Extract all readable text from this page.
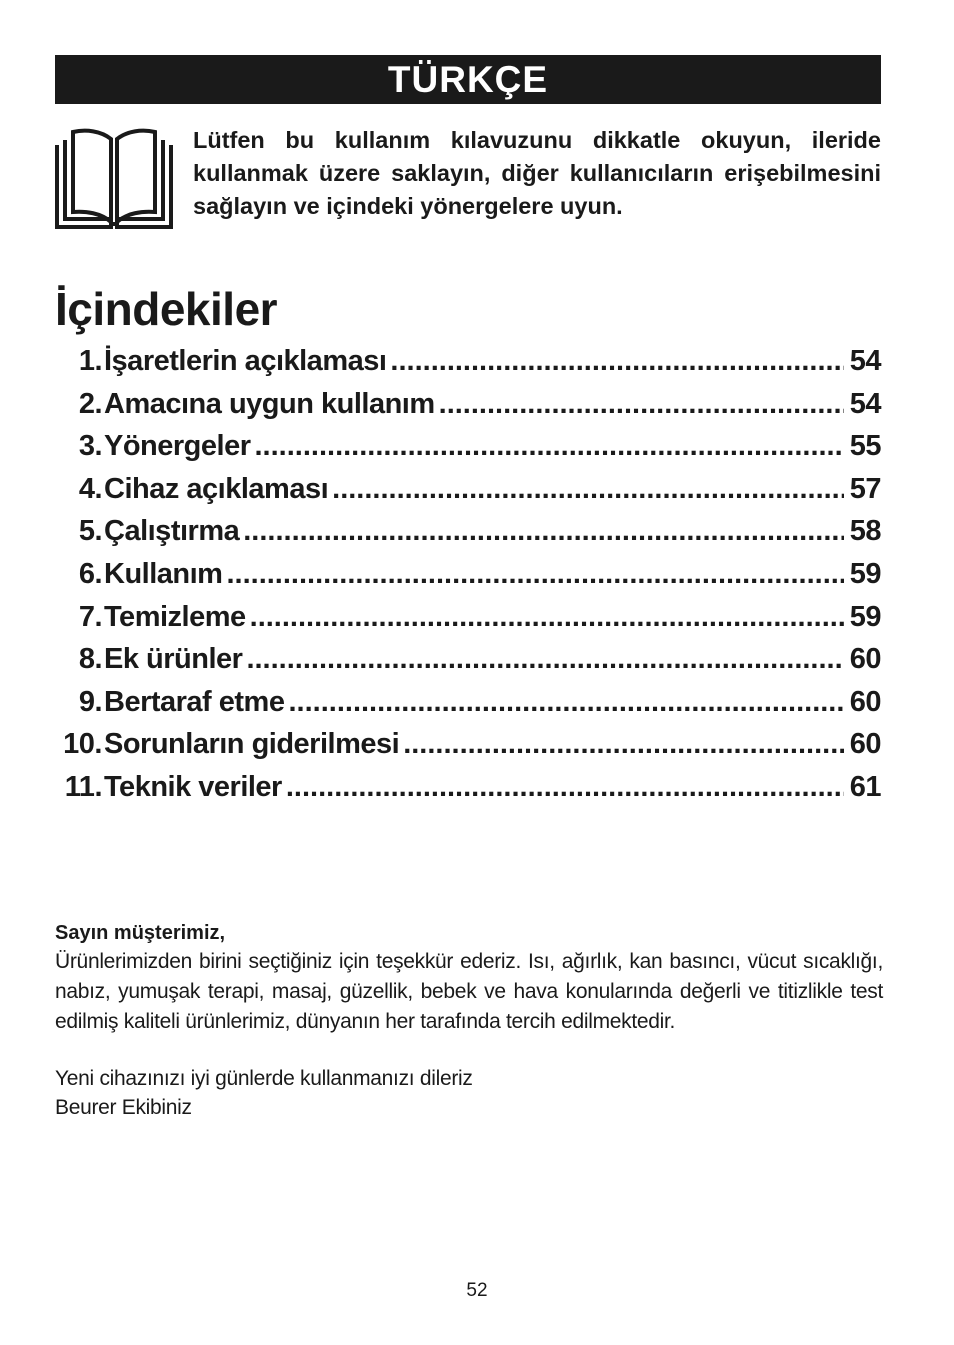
TÜRKÇE

Lütfen bu kullanım kılavuzunu dikkatle okuyun, ileride kullanmak üzere saklayın, diğer kullanıcıların erişebilmesini sağlayın ve içindeki yönergelere uyun.

İçindekiler
1. İşaretlerin açıklaması .....	54
2. Amacına uygun kullanım .....	54
3. Yönergeler .....	55
4. Cihaz açıklaması .....	57
5. Çalıştırma .....	58
6. Kullanım .....	59
7. Temizleme .....	59
8. Ek ürünler .....	60
9. Bertaraf etme .....	60
10. Sorunların giderilmesi .....	60
11. Teknik veriler .....	61

Sayın müşterimiz,

Ürünlerimizden birini seçtiğiniz için teşekkür ederiz. Isı, ağırlık, kan basıncı, vücut sıcaklığı, nabız, yumuşak terapi, masaj, güzellik, bebek ve hava konularında değerli ve titizlikle test edilmiş kaliteli ürünlerimiz, dünyanın her tarafında tercih edilmektedir.

Yeni cihazınızı iyi günlerde kullanmanızı dileriz
Beurer Ekibiniz
52
